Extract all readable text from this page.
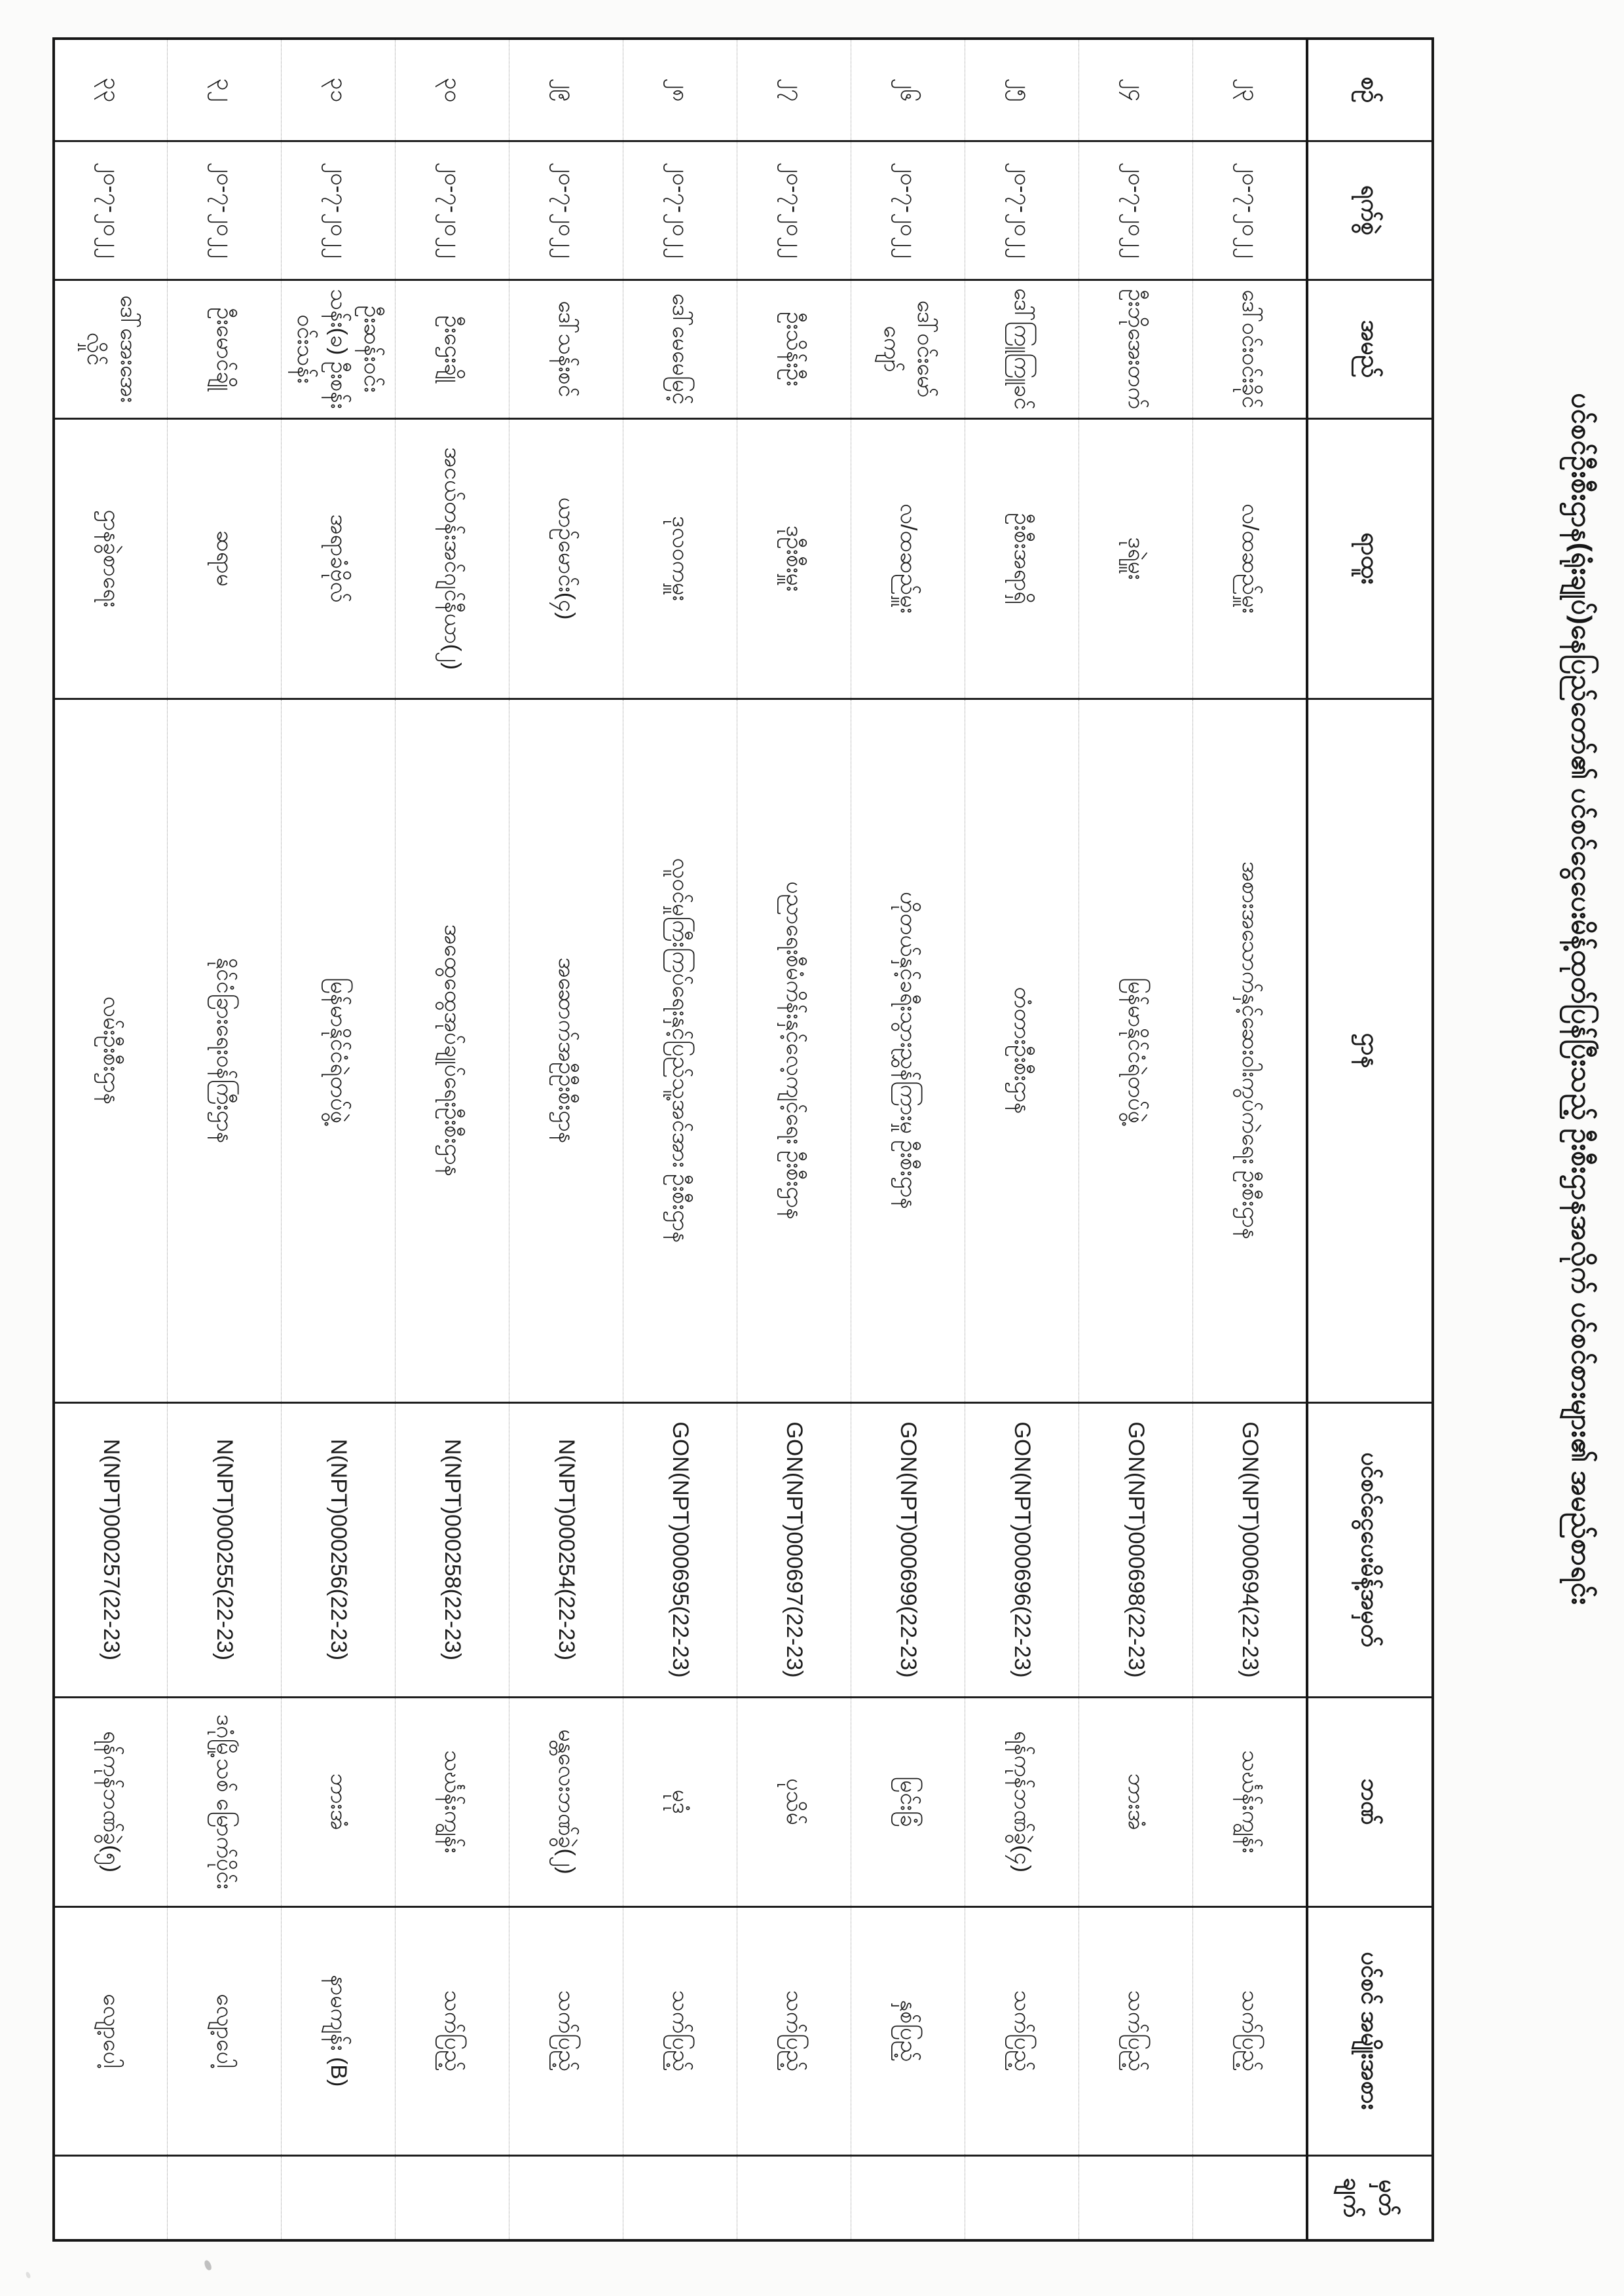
ပင်စင်ဦးစီးဌာန(ရုံးချုပ်)နေပြည်တော်၏ ပင်စင်ငွေပေးမိန့်ထုတ်ပြန်ပြီးသည့် ဦးစီးဌာနအလိုက် ပင်စင်စားများ၏ အမည်စာရင်း
စဉ်	ရက်စွဲ	အမည်	ရာထူး	ဌာန	ပင်စင်ငွေပေးမိန့်အမှတ်	ဘဏ်	ပင်စင် အမျိုးအစား	မှတ် ချက်
၂၃	၂၀-၇-၂၀၂၂	ဒေါ်ဝင်းဝင်းခိုင်	လ/ထဆည်မှူး	အစားအသောက်နှင့်ဆေးဝါးကွပ်ကဲရေး ဦးစီးဌာန	GON(NPT)000694(22-23)	သင်္ဃန်းကျွန်း	သက်ပြည့်	
၂၄	၂၀-၇-၂၀၂၂	ဦးဘိုအေးတက်	ဒုရဲမှူး	မြန်မာနိုင်ငံရဲတပ်ဖွဲ့	GON(NPT)000698(22-23)	ဘားအံ	သက်ပြည့်	
၂၅	၂၀-၇-၂၀၂၂	ဒေါ်ကြူကြူခင်	ဦးစီးအရာရှိ	တံတားဦးစီးဌာန	GON(NPT)000696(22-23)	ရန်ကုန်ဘဏ်ခွဲ(၄)	သက်ပြည့်	
၂၆	၂၀-၇-၂၀၂၂	ဒေါ်ဝင်းမော်ကျော်	လ/ထဆည်မှူး	ဟိုတယ်နှင့်ခရီးသွားညွှန်ကြားမှု ဦးစီးဌာန	GON(NPT)000699(22-23)	မြင်းခြံ	နှစ်ပြည့်	
၂၇	၂၀-၇-၂၀၂၂	ဦးသိန်းဦး	ဒုဦးစီးမှူး	ပညာရေးစီမံကိန်းနှင့်လေ့ကျင့်ရေး ဦးစီးဌာန	GON(NPT)000697(22-23)	ပုသိမ်	သက်ပြည့်	
၂၈	၂၀-၇-၂၀၂၂	ဒေါ်မေမေမြင့်	ဒုလဝကမှူး	လူဝင်မှုကြီးကြပ်ရေးနှင့်ပြည်သူ့အင်အား ဦးစီးဌာန	GON(NPT)000695(22-23)	မုဒုံ	သက်ပြည့်	
၂၉	၂၀-၇-၂၀၂၂	ဒေါ်သန်းစင်	ယာဉ်မောင်း(၄)	အဆောက်အဦဦးစီးဌာန	N(NPT)000254(22-23)	မန္တလေးဘဏ်ခွဲ(၂)	သက်ပြည့်	
၃၀	၂၀-၇-၂၀၂၂	ဦးဌေးချို	အငယ်တန်းအင်ဂျင်နီယာ(၂)	အထွေထွေအုပ်ချုပ်ရေးဦးစီးဌာန	N(NPT)000258(22-23)	သင်္ဃန်းကျွန်း	သက်ပြည့်	
၃၁	၂၀-၇-၂၀၂၂	ဦးဆန်းဝင်းသန်း(ခ) ဦးစန်းဝင်းသန်း	အရာခံဗိုလ်	မြန်မာနိုင်ငံရဲတပ်ဖွဲ့	N(NPT)000256(22-23)	ဘားအံ	နာမကျန်း (B)	
၃၂	၂၀-၇-၂၀၂၂	ဦးမောင်ချို	ဆရာမ	နိုင်ငံခြားရေးဝန်ကြီးဌာန	N(NPT)000255(22-23)	ဒဂုံမြို့သစ် မြောက်ပိုင်း	လျော့ပေါ့	
၃၃	၂၀-၇-၂၀၂၂	ဒေါ်အေးအေးလှိုင်	ဌာနခွဲစာရေး	လမ်းဦးစီးဌာန	N(NPT)000257(22-23)	ရန်ကုန်ဘဏ်ခွဲ(၅)	လျော့ပေါ့	
